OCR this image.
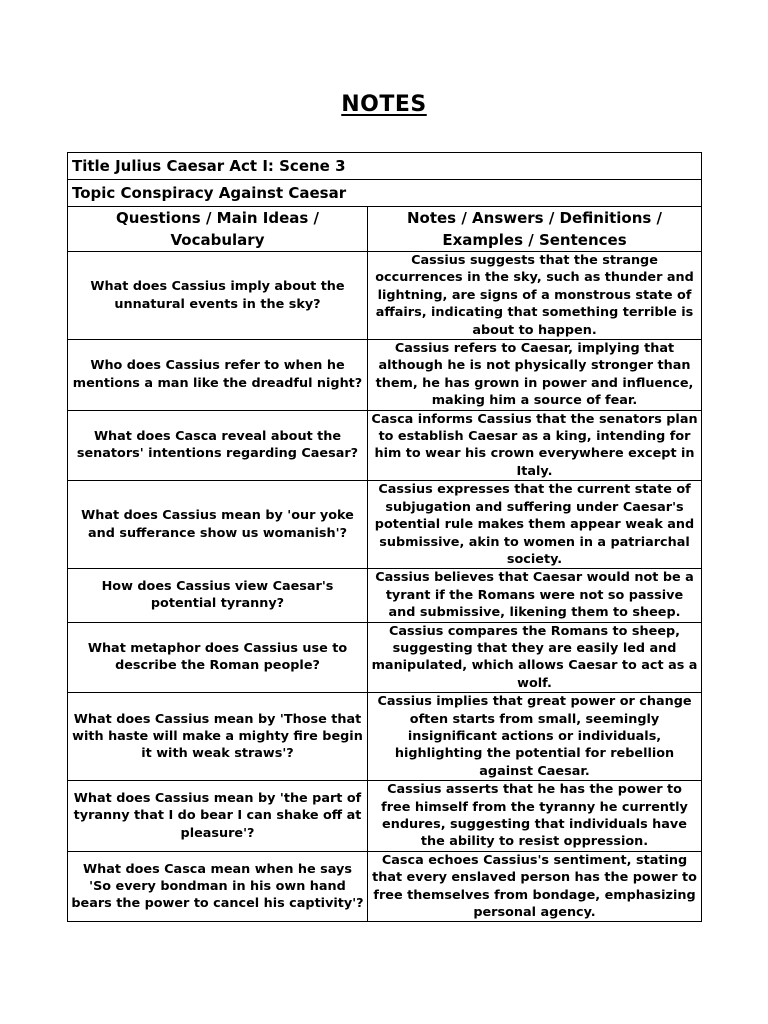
NOTES
Title Julius Caesar Act I: Scene 3	
Topic Conspiracy Against Caesar	
Questions / Main Ideas / Vocabulary	Notes / Answers / Definitions / Examples / Sentences
What does Cassius imply about the unnatural events in the sky?	Cassius suggests that the strange occurrences in the sky, such as thunder and lightning, are signs of a monstrous state of affairs, indicating that something terrible is about to happen.
Who does Cassius refer to when he mentions a man like the dreadful night?	Cassius refers to Caesar, implying that although he is not physically stronger than them, he has grown in power and influence, making him a source of fear.
What does Casca reveal about the senators' intentions regarding Caesar?	Casca informs Cassius that the senators plan to establish Caesar as a king, intending for him to wear his crown everywhere except in Italy.
What does Cassius mean by 'our yoke and sufferance show us womanish'?	Cassius expresses that the current state of subjugation and suffering under Caesar's potential rule makes them appear weak and submissive, akin to women in a patriarchal society.
How does Cassius view Caesar's potential tyranny?	Cassius believes that Caesar would not be a tyrant if the Romans were not so passive and submissive, likening them to sheep.
What metaphor does Cassius use to describe the Roman people?	Cassius compares the Romans to sheep, suggesting that they are easily led and manipulated, which allows Caesar to act as a wolf.
What does Cassius mean by 'Those that with haste will make a mighty fire begin it with weak straws'?	Cassius implies that great power or change often starts from small, seemingly insignificant actions or individuals, highlighting the potential for rebellion against Caesar.
What does Cassius mean by 'the part of tyranny that I do bear I can shake off at pleasure'?	Cassius asserts that he has the power to free himself from the tyranny he currently endures, suggesting that individuals have the ability to resist oppression.
What does Casca mean when he says 'So every bondman in his own hand bears the power to cancel his captivity'?	Casca echoes Cassius's sentiment, stating that every enslaved person has the power to free themselves from bondage, emphasizing personal agency.
